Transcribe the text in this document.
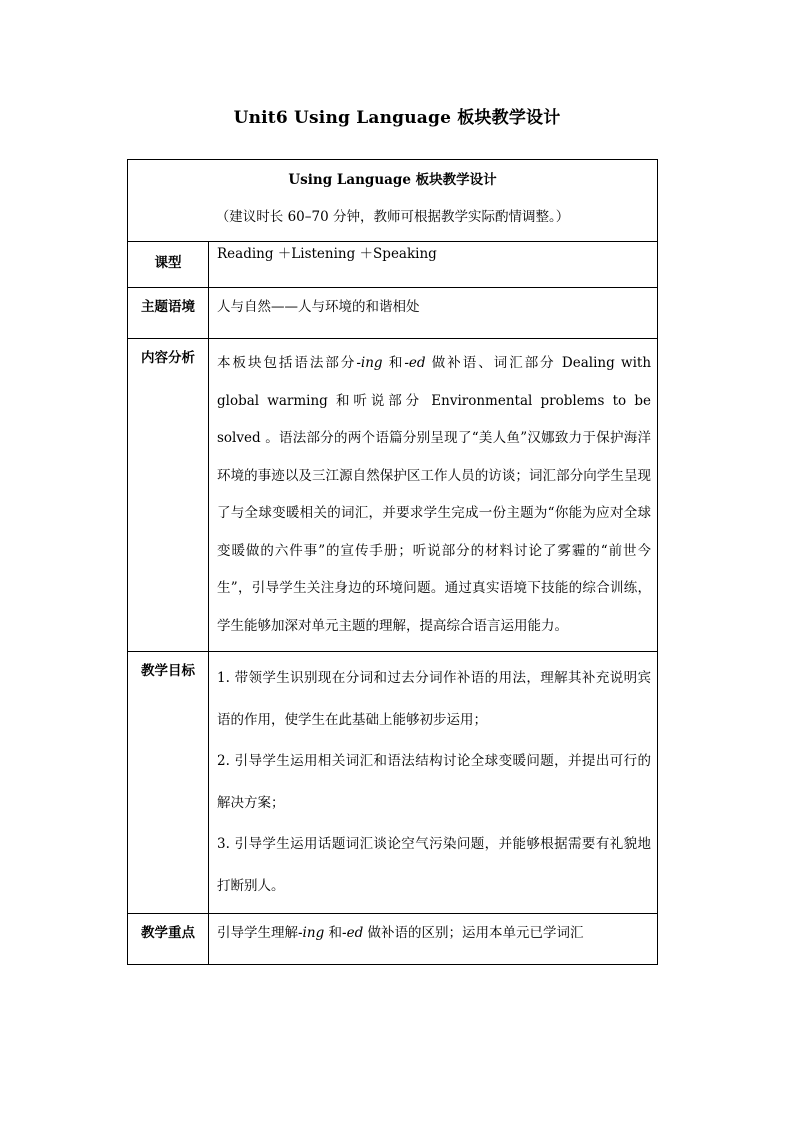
Unit6 Using Language 板块教学设计
Using Language 板块教学设计
（建议时长 60–70 分钟，教师可根据教学实际酌情调整。）	

课型	Reading ＋Listening ＋Speaking

主题语境	人与自然——人与环境的和谐相处

内容分析	本板块包括语法部分-ing 和-ed 做补语、词汇部分 Dealing with global warming 和听说部分 Environmental problems to be solved 。语法部分的两个语篇分别呈现了“美人鱼”汉娜致力于保护海洋环境的事迹以及三江源自然保护区工作人员的访谈；词汇部分向学生呈现了与全球变暖相关的词汇，并要求学生完成一份主题为“你能为应对全球变暖做的六件事”的宣传手册；听说部分的材料讨论了雾霾的“前世今生”，引导学生关注身边的环境问题。通过真实语境下技能的综合训练，学生能够加深对单元主题的理解，提高综合语言运用能力。

教学目标	1. 带领学生识别现在分词和过去分词作补语的用法，理解其补充说明宾语的作用，使学生在此基础上能够初步运用；
2. 引导学生运用相关词汇和语法结构讨论全球变暖问题，并提出可行的解决方案；
3. 引导学生运用话题词汇谈论空气污染问题，并能够根据需要有礼貌地打断别人。

教学重点	引导学生理解-ing 和-ed 做补语的区别；运用本单元已学词汇
